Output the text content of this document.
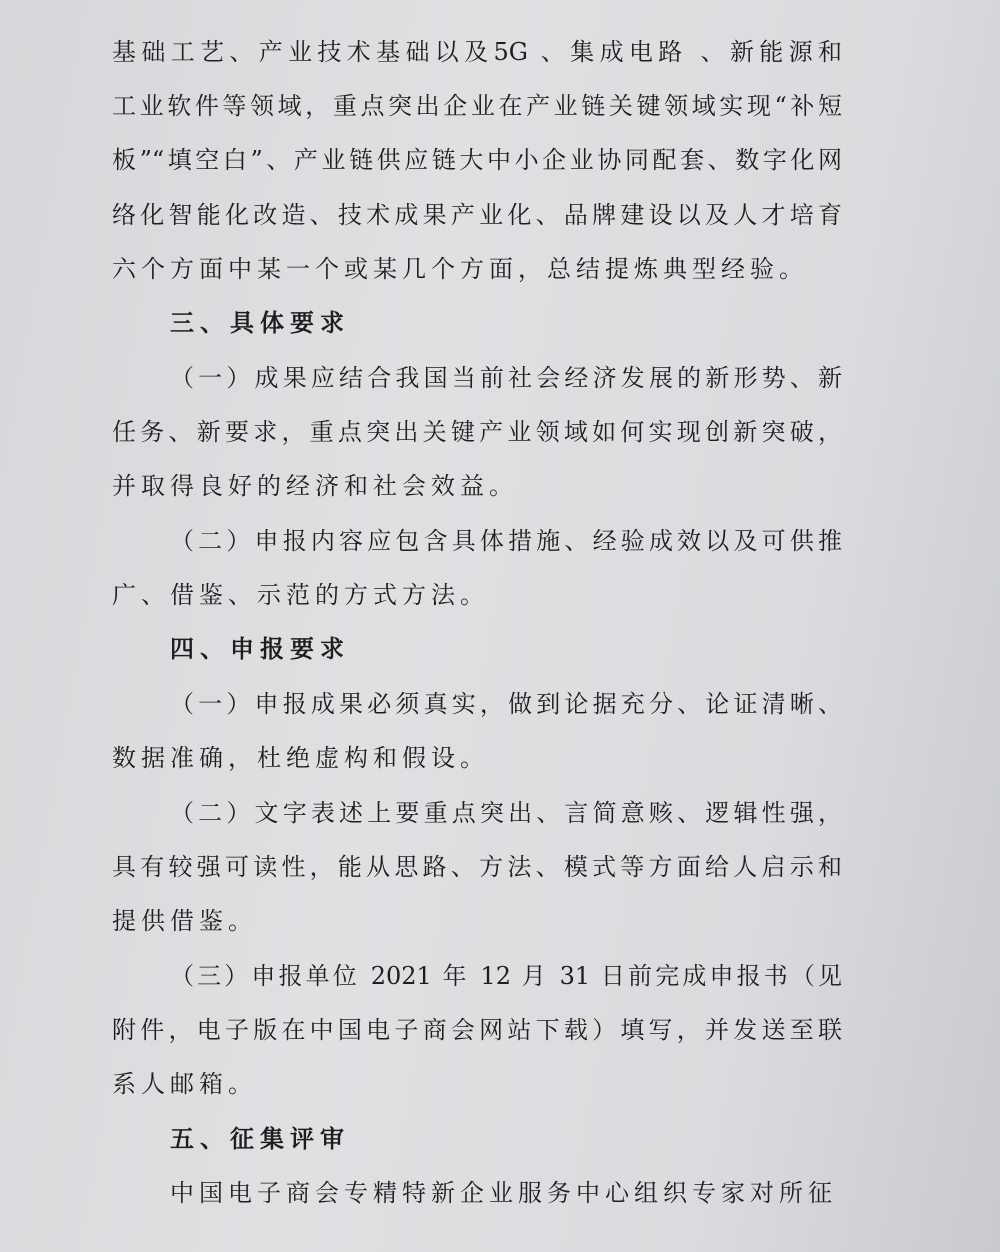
基础工艺、产业技术基础以及5G 、集成电路 、新能源和
工业软件等领域，重点突出企业在产业链关键领域实现“补短
板”“填空白”、产业链供应链大中小企业协同配套、数字化网
络化智能化改造、技术成果产业化、品牌建设以及人才培育
六个方面中某一个或某几个方面，总结提炼典型经验。
三、具体要求
（一）成果应结合我国当前社会经济发展的新形势、新
任务、新要求，重点突出关键产业领域如何实现创新突破，
并取得良好的经济和社会效益。
（二）申报内容应包含具体措施、经验成效以及可供推
广、借鉴、示范的方式方法。
四、申报要求
（一）申报成果必须真实，做到论据充分、论证清晰、
数据准确，杜绝虚构和假设。
（二）文字表述上要重点突出、言简意赅、逻辑性强，
具有较强可读性，能从思路、方法、模式等方面给人启示和
提供借鉴。
（三）申报单位 2021 年 12 月 31 日前完成申报书（见
附件，电子版在中国电子商会网站下载）填写，并发送至联
系人邮箱。
五、征集评审
中国电子商会专精特新企业服务中心组织专家对所征
